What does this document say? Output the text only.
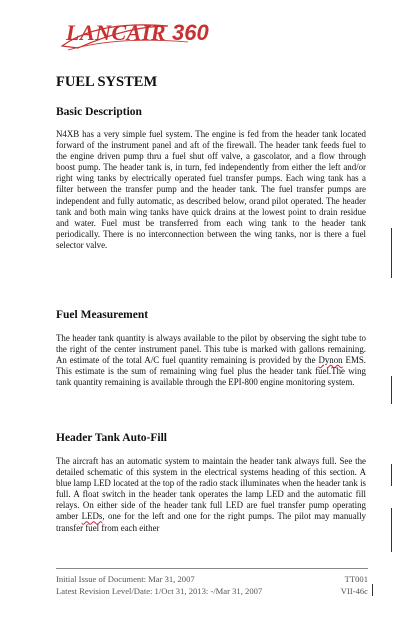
LANCAIR 360
FUEL SYSTEM
Basic Description

N4XB has a very simple fuel system. The engine is fed from the header tank located forward of the instrument panel and aft of the firewall. The header tank feeds fuel to the engine driven pump thru a fuel shut off valve, a gascolator, and a flow through boost pump. The header tank is, in turn, fed independently from either the left and/or right wing tanks by electrically operated fuel transfer pumps. Each wing tank has a filter between the transfer pump and the header tank. The fuel transfer pumps are independent and fully automatic, as described below, orand pilot operated. The header tank and both main wing tanks have quick drains at the lowest point to drain residue and water. Fuel must be transferred from each wing tank to the header tank periodically. There is no interconnection between the wing tanks, nor is there a fuel selector valve.

Fuel Measurement

The header tank quantity is always available to the pilot by observing the sight tube to the right of the center instrument panel. This tube is marked with gallons remaining. An estimate of the total A/C fuel quantity remaining is provided by the Dynon EMS. This estimate is the sum of remaining wing fuel plus the header tank fuel.The wing tank quantity remaining is available through the EPI-800 engine monitoring system.

Header Tank Auto-Fill

The aircraft has an automatic system to maintain the header tank always full. See the detailed schematic of this system in the electrical systems heading of this section. A blue lamp LED located at the top of the radio stack illuminates when the header tank is full. A float switch in the header tank operates the lamp LED and the automatic fill relays. On either side of the header tank full LED are fuel transfer pump operating amber LEDs, one for the left and one for the right pumps. The pilot may manually transfer fuel from each either

Initial Issue of Document: Mar 31, 2007	TT001
Latest Revision Level/Date: 1/Oct 31, 2013: -/Mar 31, 2007	VII-46c
